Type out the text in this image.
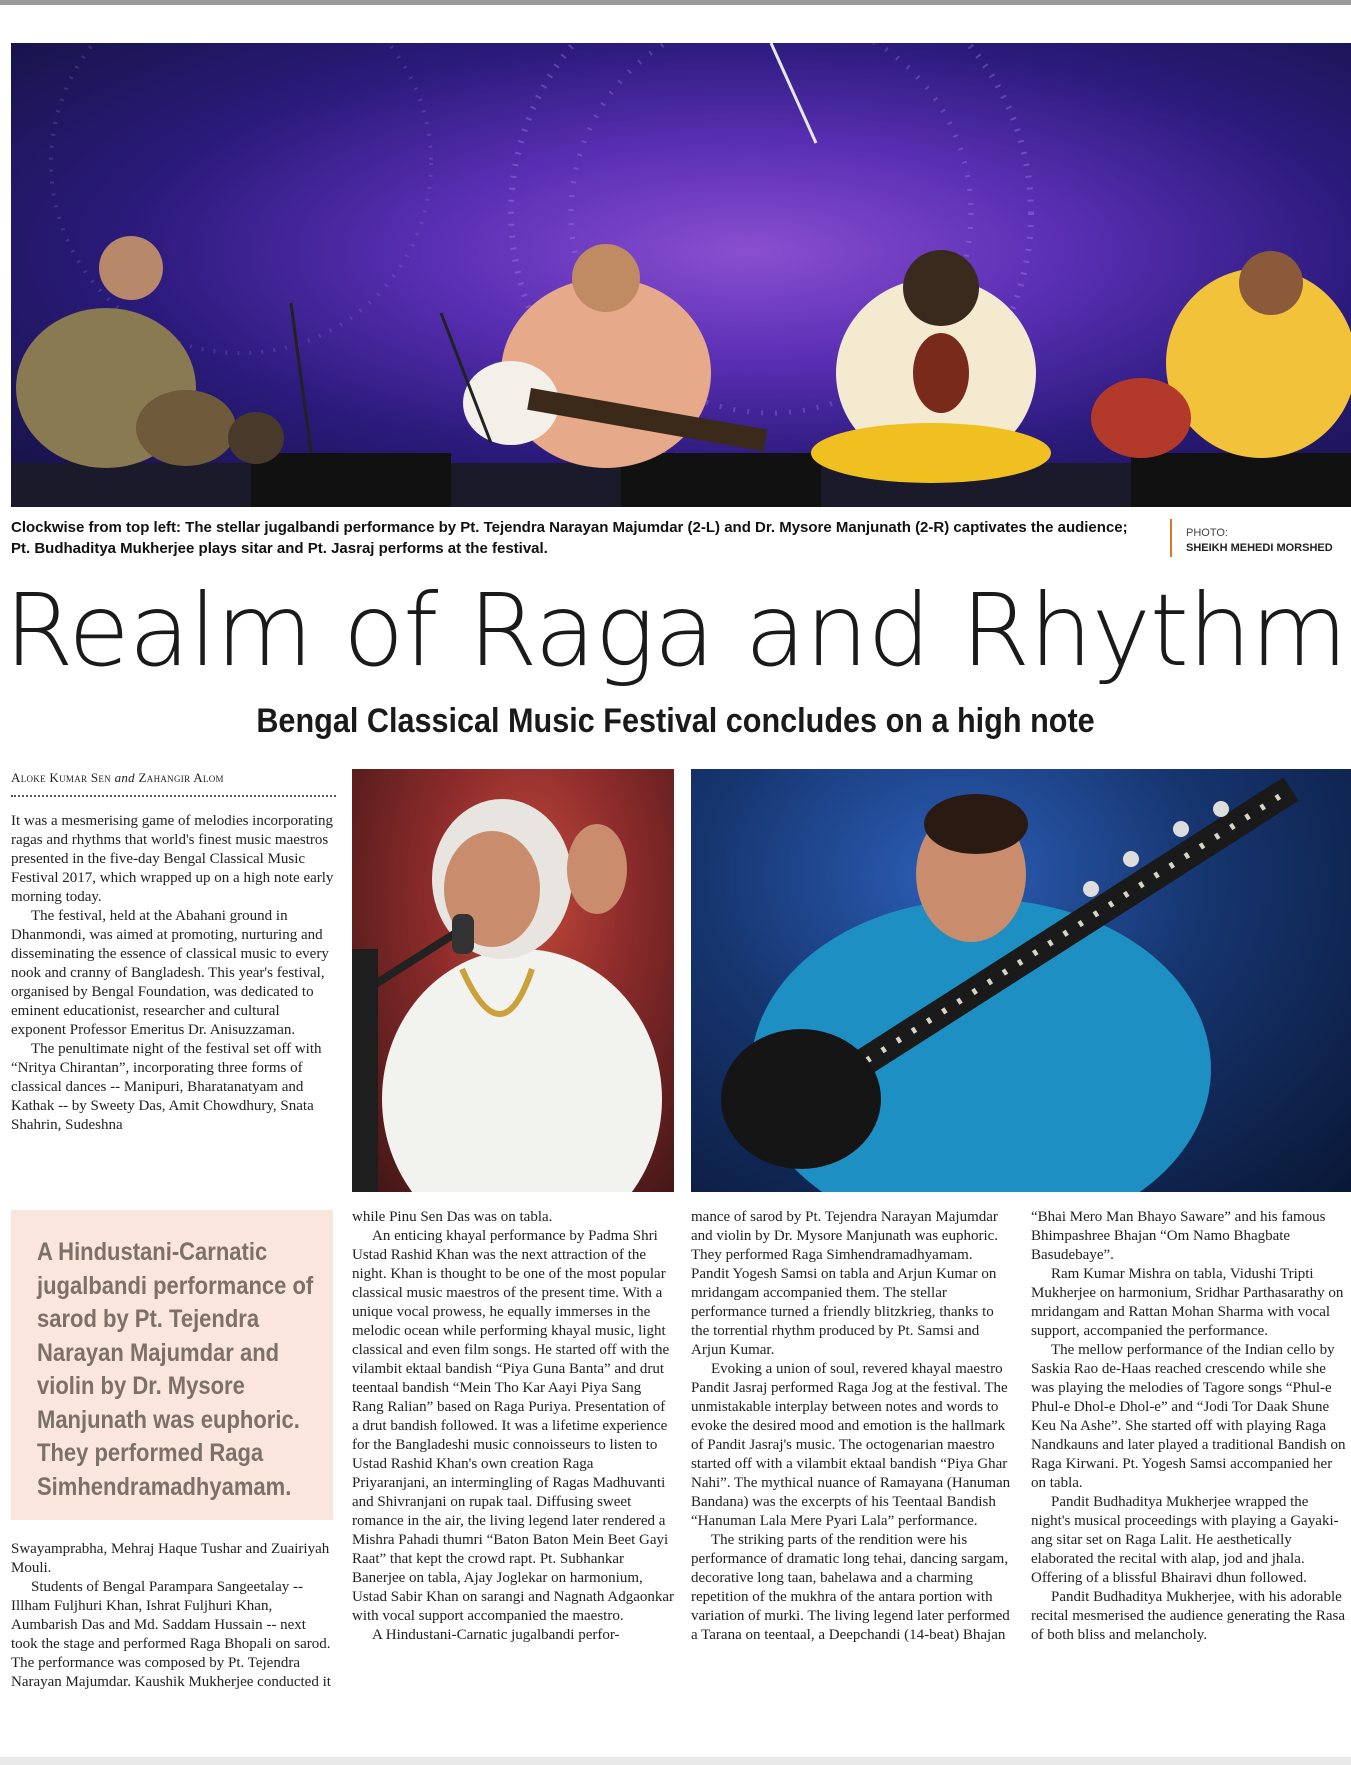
Clockwise from top left: The stellar jugalbandi performance by Pt. Tejendra Narayan Majumdar (2-L) and Dr. Mysore Manjunath (2-R) captivates the audience;
Pt. Budhaditya Mukherjee plays sitar and Pt. Jasraj performs at the festival.
PHOTO:
SHEIKH MEHEDI MORSHED
Realm of Raga and Rhythm
Bengal Classical Music Festival concludes on a high note
Aloke Kumar Sen and Zahangir Alom

It was a mesmerising game of melodies incorporating ragas and rhythms that world's finest music maestros presented in the five-day Bengal Classical Music Festival 2017, which wrapped up on a high note early morning today.

The festival, held at the Abahani ground in Dhanmondi, was aimed at promoting, nurturing and disseminating the essence of classical music to every nook and cranny of Bangladesh. This year's festival, organised by Bengal Foundation, was dedicated to eminent educationist, researcher and cultural exponent Professor Emeritus Dr. Anisuzzaman.

The penultimate night of the festival set off with “Nritya Chirantan”, incorporating three forms of classical dances -- Manipuri, Bharatanatyam and Kathak -- by Sweety Das, Amit Chowdhury, Snata Shahrin, Sudeshna

A Hindustani-Carnatic jugalbandi performance of sarod by Pt. Tejendra Narayan Majumdar and violin by Dr. Mysore Manjunath was euphoric. They performed Raga Simhendramadhyamam.

Swayamprabha, Mehraj Haque Tushar and Zuairiyah Mouli.

Students of Bengal Parampara Sangeetalay -- Illham Fuljhuri Khan, Ishrat Fuljhuri Khan, Aumbarish Das and Md. Saddam Hussain -- next took the stage and performed Raga Bhopali on sarod. The performance was composed by Pt. Tejendra Narayan Majumdar. Kaushik Mukherjee conducted it

while Pinu Sen Das was on tabla.

An enticing khayal performance by Padma Shri Ustad Rashid Khan was the next attraction of the night. Khan is thought to be one of the most popular classical music maestros of the present time. With a unique vocal prowess, he equally immerses in the melodic ocean while performing khayal music, light classical and even film songs. He started off with the vilambit ektaal bandish “Piya Guna Banta” and drut teentaal bandish “Mein Tho Kar Aayi Piya Sang Rang Ralian” based on Raga Puriya. Presentation of a drut bandish followed. It was a lifetime experience for the Bangladeshi music connoisseurs to listen to Ustad Rashid Khan's own creation Raga Priyaranjani, an intermingling of Ragas Madhuvanti and Shivranjani on rupak taal. Diffusing sweet romance in the air, the living legend later rendered a Mishra Pahadi thumri “Baton Baton Mein Beet Gayi Raat” that kept the crowd rapt. Pt. Subhankar Banerjee on tabla, Ajay Joglekar on harmonium, Ustad Sabir Khan on sarangi and Nagnath Adgaonkar with vocal support accompanied the maestro.

A Hindustani-Carnatic jugalbandi perfor-

mance of sarod by Pt. Tejendra Narayan Majumdar and violin by Dr. Mysore Manjunath was euphoric. They performed Raga Simhendramadhyamam. Pandit Yogesh Samsi on tabla and Arjun Kumar on mridangam accompanied them. The stellar performance turned a friendly blitzkrieg, thanks to the torrential rhythm produced by Pt. Samsi and Arjun Kumar.

Evoking a union of soul, revered khayal maestro Pandit Jasraj performed Raga Jog at the festival. The unmistakable interplay between notes and words to evoke the desired mood and emotion is the hallmark of Pandit Jasraj's music. The octogenarian maestro started off with a vilambit ektaal bandish “Piya Ghar Nahi”. The mythical nuance of Ramayana (Hanuman Bandana) was the excerpts of his Teentaal Bandish “Hanuman Lala Mere Pyari Lala” performance.

The striking parts of the rendition were his performance of dramatic long tehai, dancing sargam, decorative long taan, bahelawa and a charming repetition of the mukhra of the antara portion with variation of murki. The living legend later performed a Tarana on teentaal, a Deepchandi (14-beat) Bhajan

“Bhai Mero Man Bhayo Saware” and his famous Bhimpashree Bhajan “Om Namo Bhagbate Basudebaye”.

Ram Kumar Mishra on tabla, Vidushi Tripti Mukherjee on harmonium, Sridhar Parthasarathy on mridangam and Rattan Mohan Sharma with vocal support, accompanied the performance.

The mellow performance of the Indian cello by Saskia Rao de-Haas reached crescendo while she was playing the melodies of Tagore songs “Phul-e Phul-e Dhol-e Dhol-e” and “Jodi Tor Daak Shune Keu Na Ashe”. She started off with playing Raga Nandkauns and later played a traditional Bandish on Raga Kirwani. Pt. Yogesh Samsi accompanied her on tabla.

Pandit Budhaditya Mukherjee wrapped the night's musical proceedings with playing a Gayaki-ang sitar set on Raga Lalit. He aesthetically elaborated the recital with alap, jod and jhala. Offering of a blissful Bhairavi dhun followed.

Pandit Budhaditya Mukherjee, with his adorable recital mesmerised the audience generating the Rasa of both bliss and melancholy.
